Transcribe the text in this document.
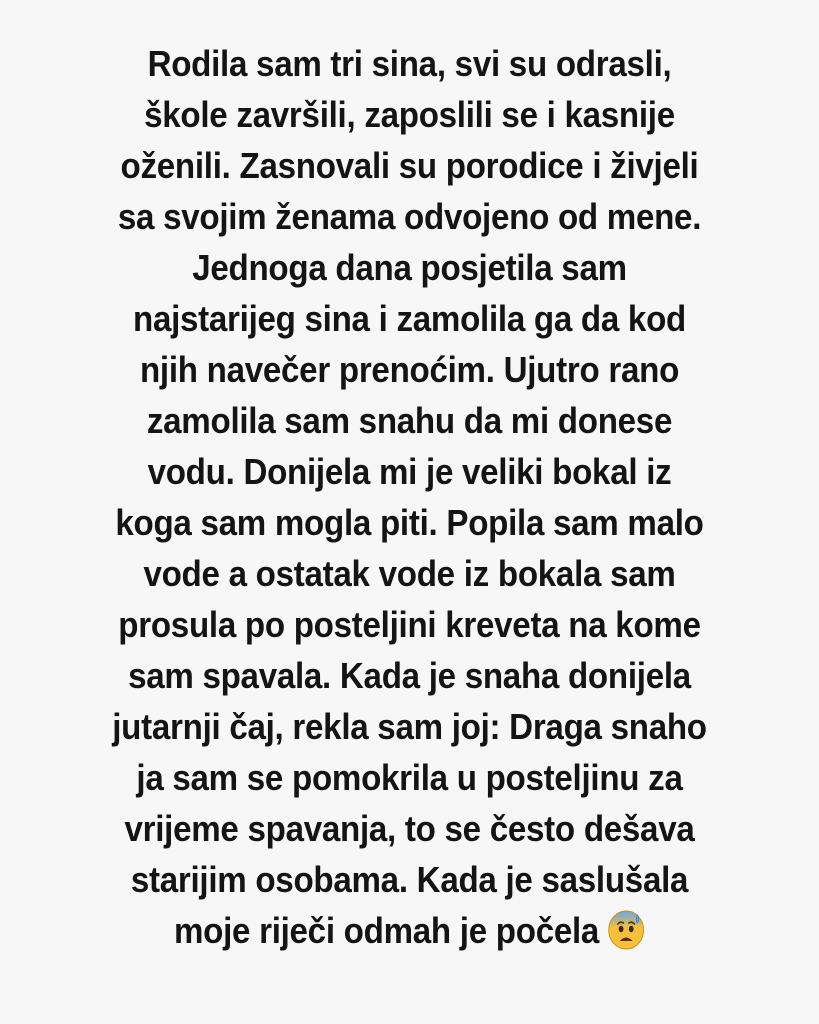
Rodila sam tri sina, svi su odrasli,
škole završili, zaposlili se i kasnije
oženili. Zasnovali su porodice i živjeli
sa svojim ženama odvojeno od mene.
Jednoga dana posjetila sam
najstarijeg sina i zamolila ga da kod
njih navečer prenoćim. Ujutro rano
zamolila sam snahu da mi donese
vodu. Donijela mi je veliki bokal iz
koga sam mogla piti. Popila sam malo
vode a ostatak vode iz bokala sam
prosula po posteljini kreveta na kome
sam spavala. Kada je snaha donijela
jutarnji čaj, rekla sam joj: Draga snaho
ja sam se pomokrila u posteljinu za
vrijeme spavanja, to se često dešava
starijim osobama. Kada je saslušala
moje riječi odmah je počela
